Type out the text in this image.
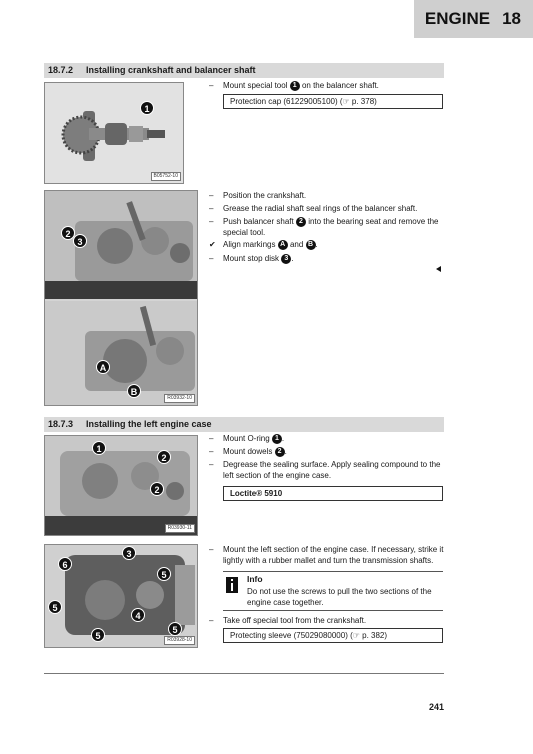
ENGINE 18
18.7.2 Installing crankshaft and balancer shaft
B05752-10
1
R03932-10
2
3
A
B
– Mount special tool 1 on the balancer shaft.
Protection cap (61229005100) (☞ p. 378)
– Position the crankshaft.
– Grease the radial shaft seal rings of the balancer shaft.
– Push balancer shaft 2 into the bearing seat and remove the special tool.
✔ Align markings A and B .
– Mount stop disk 3 .
18.7.3 Installing the left engine case
R03930-11
1
2
2
R03928-10
3
6
5
5
4
5
5
– Mount O-ring 1 .
– Mount dowels 2 .
– Degrease the sealing surface. Apply sealing compound to the left section of the engine case.
Loctite® 5910
– Mount the left section of the engine case. If necessary, strike it lightly with a rubber mallet and turn the transmission shafts.
Info
Do not use the screws to pull the two sections of the engine case together.
– Take off special tool from the crankshaft.
Protecting sleeve (75029080000) (☞ p. 382)
241
